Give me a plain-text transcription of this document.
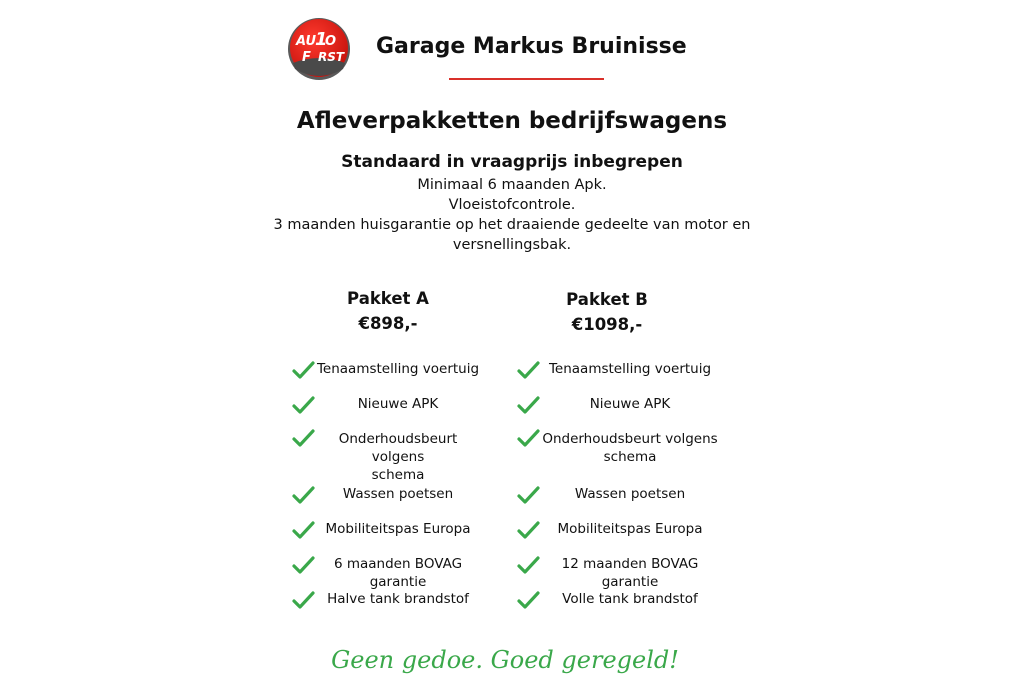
AU
1
O
F RST Garage Markus Bruinisse
Afleverpakketten bedrijfswagens
Standaard in vraagprijs inbegrepen
Minimaal 6 maanden Apk.
Vloeistofcontrole.
3 maanden huisgarantie op het draaiende gedeelte van motor en
versnellingsbak.
Pakket A
€898,-
Pakket B
€1098,-
Tenaamstelling voertuig
Nieuwe APK
Onderhoudsbeurt volgens
schema
Wassen poetsen
Mobiliteitspas Europa
6 maanden BOVAG garantie
Halve tank brandstof
Tenaamstelling voertuig
Nieuwe APK
Onderhoudsbeurt volgens
schema
Wassen poetsen
Mobiliteitspas Europa
12 maanden BOVAG garantie
Volle tank brandstof
Geen gedoe. Goed geregeld!
